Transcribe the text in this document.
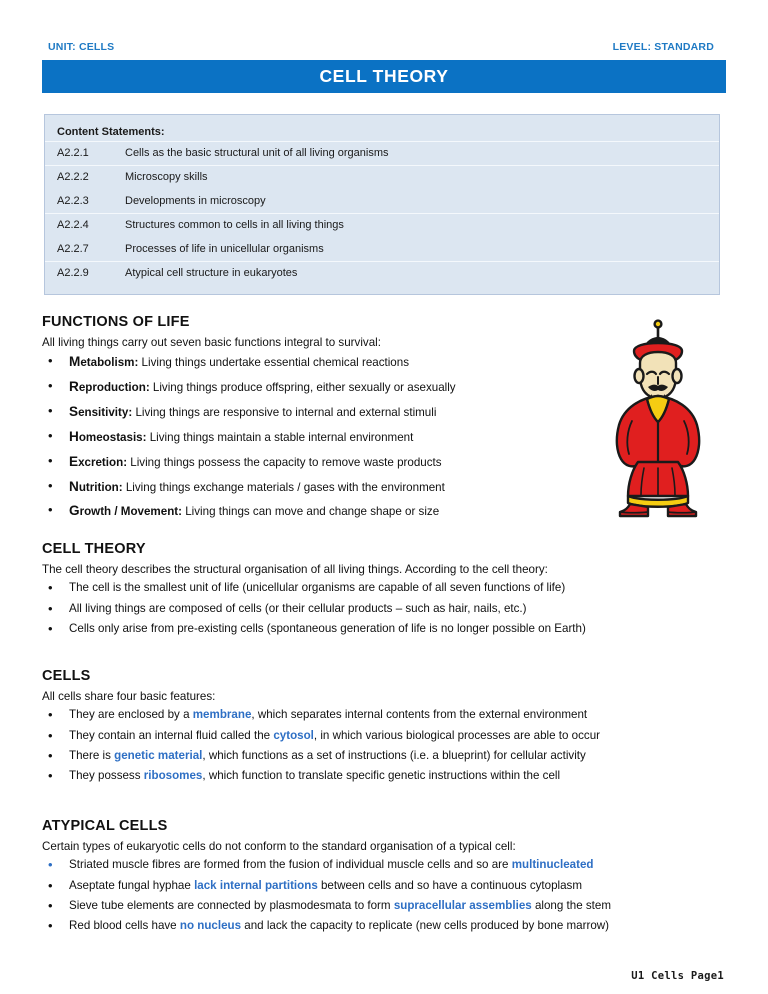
UNIT: CELLS	LEVEL: STANDARD
CELL THEORY
Content Statements:
A2.2.1	Cells as the basic structural unit of all living organisms
A2.2.2	Microscopy skills
A2.2.3	Developments in microscopy
A2.2.4	Structures common to cells in all living things
A2.2.7	Processes of life in unicellular organisms
A2.2.9	Atypical cell structure in eukaryotes
FUNCTIONS OF LIFE

All living things carry out seven basic functions integral to survival:

• Metabolism: Living things undertake essential chemical reactions
• Reproduction: Living things produce offspring, either sexually or asexually
• Sensitivity: Living things are responsive to internal and external stimuli
• Homeostasis: Living things maintain a stable internal environment
• Excretion: Living things possess the capacity to remove waste products
• Nutrition: Living things exchange materials / gases with the environment
• Growth / Movement: Living things can move and change shape or size
CELL THEORY

The cell theory describes the structural organisation of all living things. According to the cell theory:

• The cell is the smallest unit of life (unicellular organisms are capable of all seven functions of life)
• All living things are composed of cells (or their cellular products – such as hair, nails, etc.)
• Cells only arise from pre-existing cells (spontaneous generation of life is no longer possible on Earth)
CELLS

All cells share four basic features:

• They are enclosed by a membrane, which separates internal contents from the external environment
• They contain an internal fluid called the cytosol, in which various biological processes are able to occur
• There is genetic material, which functions as a set of instructions (i.e. a blueprint) for cellular activity
• They possess ribosomes, which function to translate specific genetic instructions within the cell
ATYPICAL CELLS

Certain types of eukaryotic cells do not conform to the standard organisation of a typical cell:

• Striated muscle fibres are formed from the fusion of individual muscle cells and so are multinucleated
• Aseptate fungal hyphae lack internal partitions between cells and so have a continuous cytoplasm
• Sieve tube elements are connected by plasmodesmata to form supracellular assemblies along the stem
• Red blood cells have no nucleus and lack the capacity to replicate (new cells produced by bone marrow)
U1 Cells Page1
